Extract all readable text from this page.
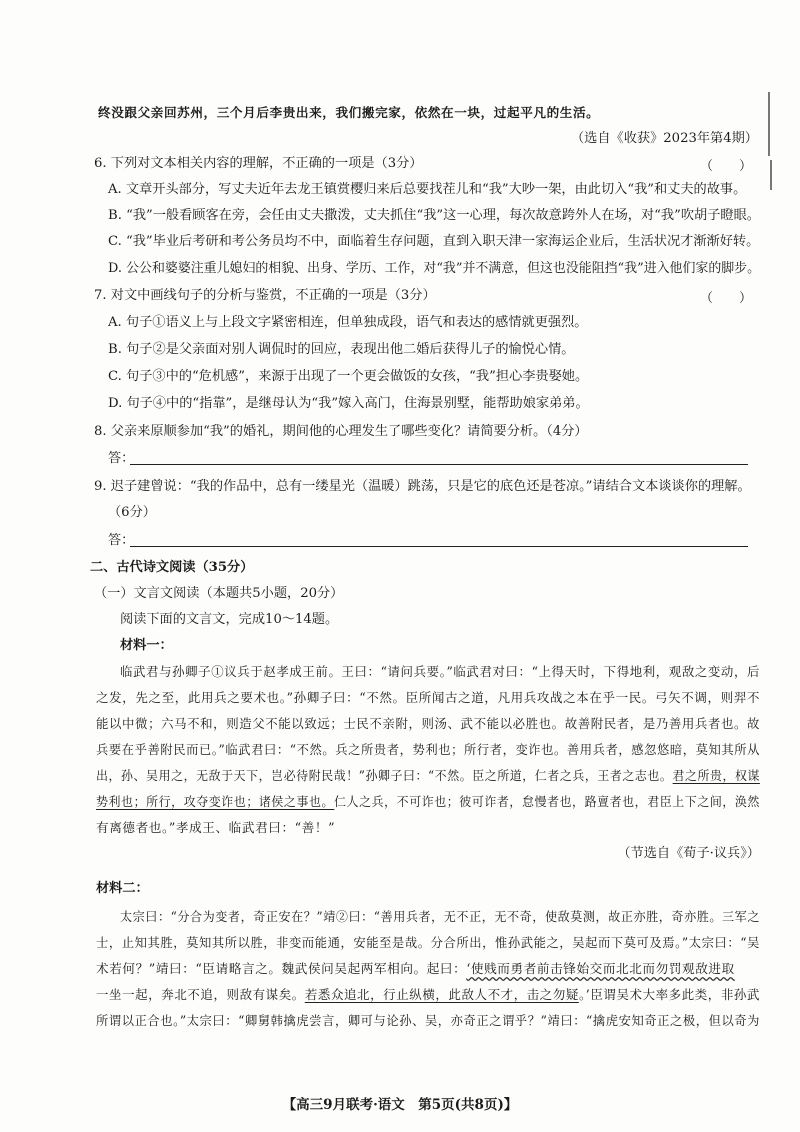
终没跟父亲回苏州，三个月后李贵出来，我们搬完家，依然在一块，过起平凡的生活。
（选自《收获》2023年第4期）
6. 下列对文本相关内容的理解，不正确的一项是（3分）	（　　）
A. 文章开头部分，写丈夫近年去龙王镇赏樱归来后总要找茬儿和“我”大吵一架，由此切入“我”和丈夫的故事。
B. “我”一般看顾客在旁，会任由丈夫撒泼，丈夫抓住“我”这一心理，每次故意跨外人在场，对“我”吹胡子瞪眼。
C. “我”毕业后考研和考公务员均不中，面临着生存问题，直到入职天津一家海运企业后，生活状况才渐渐好转。
D. 公公和婆婆注重儿媳妇的相貌、出身、学历、工作，对“我”并不满意，但这也没能阻挡“我”进入他们家的脚步。
7. 对文中画线句子的分析与鉴赏，不正确的一项是（3分）	（　　）
A. 句子①语义上与上段文字紧密相连，但单独成段，语气和表达的感情就更强烈。
B. 句子②是父亲面对别人调侃时的回应，表现出他二婚后获得儿子的愉悦心情。
C. 句子③中的“危机感”，来源于出现了一个更会做饭的女孩，“我”担心李贵娶她。
D. 句子④中的“指靠”，是继母认为“我”嫁入高门，住海景别墅，能帮助娘家弟弟。
8. 父亲来原顺参加“我”的婚礼，期间他的心理发生了哪些变化？请简要分析。（4分）
答：
9. 迟子建曾说：“我的作品中，总有一缕星光（温暖）跳荡，只是它的底色还是苍凉。”请结合文本谈谈你的理解。
（6分）
答：
二、古代诗文阅读（35分）
（一）文言文阅读（本题共5小题，20分）
阅读下面的文言文，完成10～14题。
材料一：
临武君与孙卿子①议兵于赵孝成王前。王曰：“请问兵要。”临武君对曰：“上得天时，下得地利，观敌之变动，后
之发，先之至，此用兵之要术也。”孙卿子曰：“不然。臣所闻古之道，凡用兵攻战之本在乎一民。弓矢不调，则羿不
能以中微；六马不和，则造父不能以致远；士民不亲附，则汤、武不能以必胜也。故善附民者，是乃善用兵者也。故
兵要在乎善附民而已。”临武君曰：“不然。兵之所贵者，势利也；所行者，变诈也。善用兵者，感忽悠暗，莫知其所从
出，孙、吴用之，无敌于天下，岂必待附民哉！”孙卿子曰：“不然。臣之所道，仁者之兵，王者之志也。君之所贵，权谋
势利也；所行，攻夺变诈也；诸侯之事也。仁人之兵，不可诈也；彼可诈者，怠慢者也，路亶者也，君臣上下之间，涣然
有离德者也。”孝成王、临武君曰：“善！”
（节选自《荀子·议兵》）
材料二：
太宗曰：“分合为变者，奇正安在？”靖②曰：“善用兵者，无不正，无不奇，使敌莫测，故正亦胜，奇亦胜。三军之
士，止知其胜，莫知其所以胜，非变而能通，安能至是哉。分合所出，惟孙武能之，吴起而下莫可及焉。”太宗曰：“吴
术若何？”靖曰：“臣请略言之。魏武侯问吴起两军相向。起曰：‘使贱而勇者前击锋始交而北北而勿罚观敌进取
一坐一起，奔北不追，则敌有谋矣。若悉众追北，行止纵横，此敌人不才，击之勿疑。’臣谓吴术大率多此类，非孙武
所谓以正合也。”太宗曰：“卿舅韩擒虎尝言，卿可与论孙、吴，亦奇正之谓乎？”靖曰：“擒虎安知奇正之极，但以奇为
【高三9月联考·语文　第5页(共8页)】
